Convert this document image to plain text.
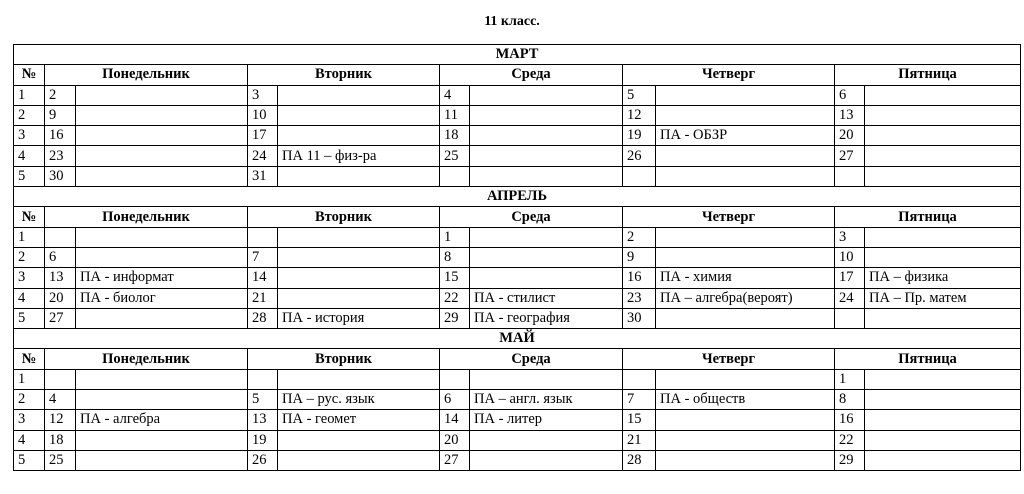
11 класс.
МАРТ										
№	Понедельник		Вторник		Среда		Четверг		Пятница	
1	2		3		4		5		6	
2	9		10		11		12		13	
3	16		17		18		19	ПА - ОБЗР	20	
4	23		24	ПА 11 – физ-ра	25		26		27	
5	30		31							
АПРЕЛЬ										
№	Понедельник		Вторник		Среда		Четверг		Пятница	
1					1		2		3	
2	6		7		8		9		10	
3	13	ПА - информат	14		15		16	ПА - химия	17	ПА – физика
4	20	ПА - биолог	21		22	ПА - стилист	23	ПА – алгебра(вероят)	24	ПА – Пр. матем
5	27		28	ПА - история	29	ПА - география	30			
МАЙ										
№	Понедельник		Вторник		Среда		Четверг		Пятница	
1									1	
2	4		5	ПА – рус. язык	6	ПА – англ. язык	7	ПА - обществ	8	
3	12	ПА - алгебра	13	ПА - геомет	14	ПА - литер	15		16	
4	18		19		20		21		22	
5	25		26		27		28		29	
